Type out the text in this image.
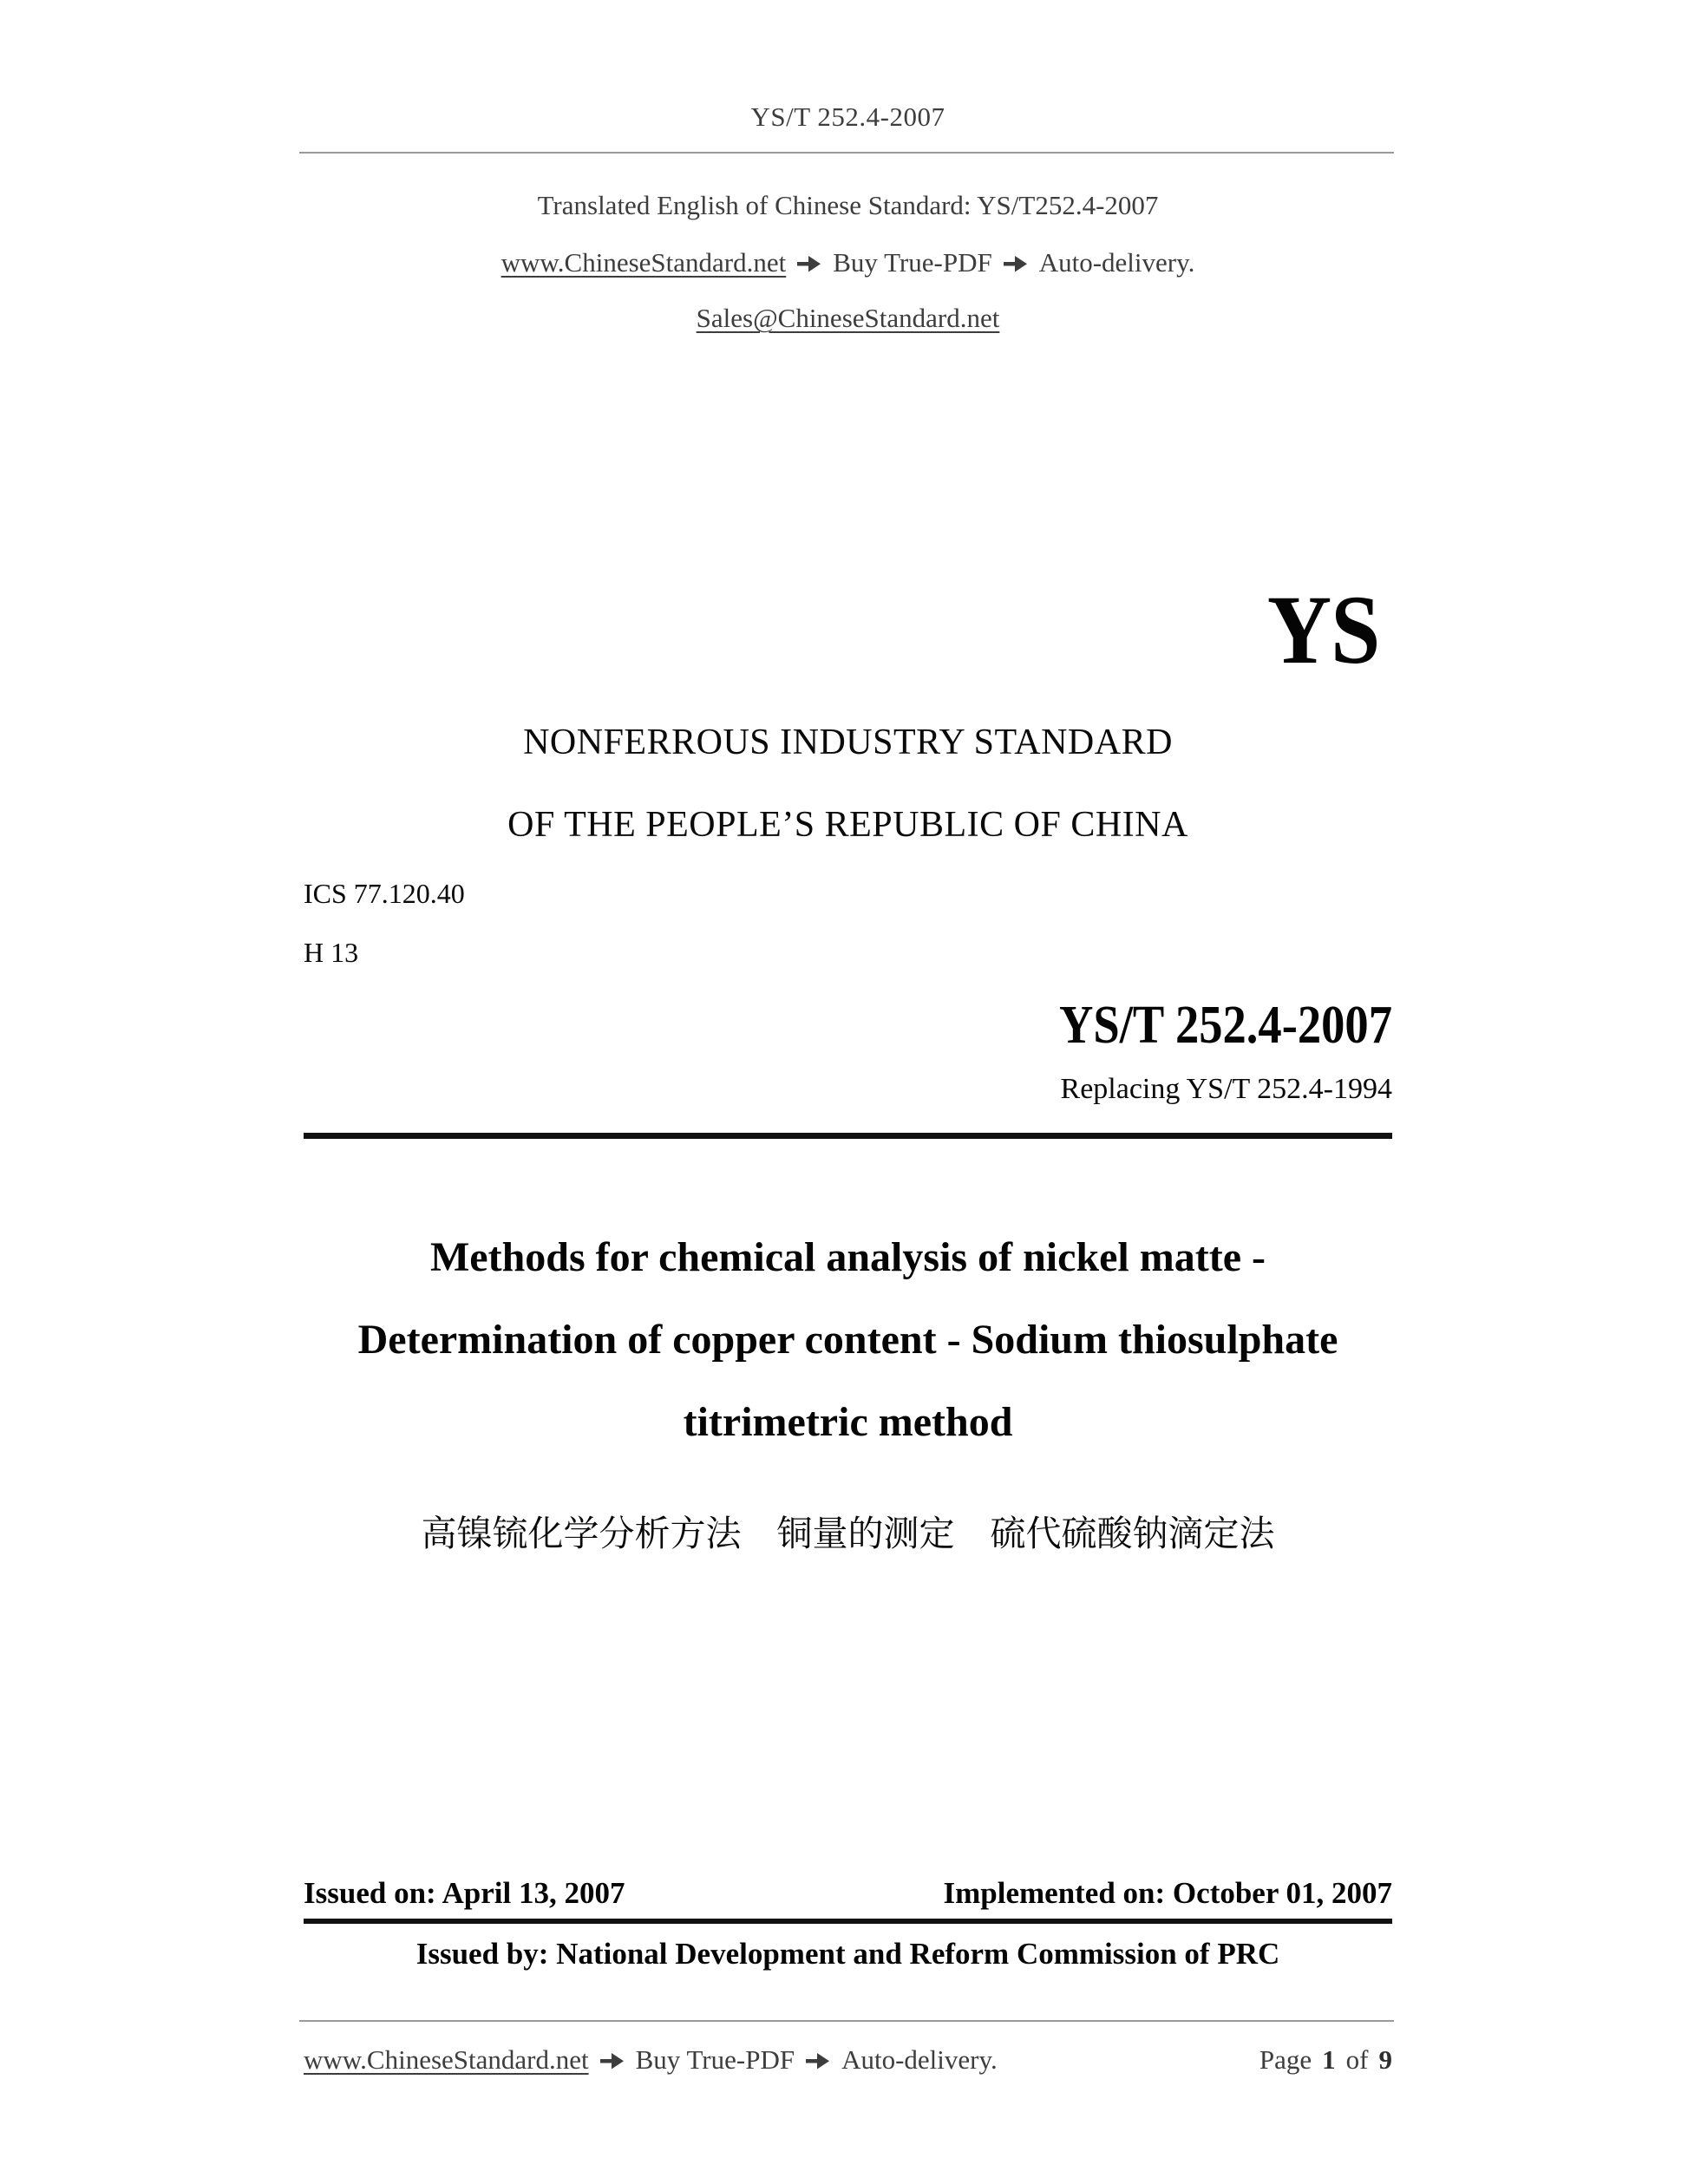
YS/T 252.4-2007
Translated English of Chinese Standard: YS/T252.4-2007
www.ChineseStandard.net Buy True-PDF Auto-delivery.
Sales@ChineseStandard.net
YS
NONFERROUS INDUSTRY STANDARD
OF THE PEOPLE’S REPUBLIC OF CHINA
ICS 77.120.40
H 13
YS/T 252.4-2007
Replacing YS/T 252.4-1994
Methods for chemical analysis of nickel matte -
Determination of copper content - Sodium thiosulphate
titrimetric method
高镍锍化学分析方法　铜量的测定　硫代硫酸钠滴定法
Issued on: April 13, 2007	Implemented on: October 01, 2007
Issued by: National Development and Reform Commission of PRC
www.ChineseStandard.net Buy True-PDF Auto-delivery.	Page 1 of 9
